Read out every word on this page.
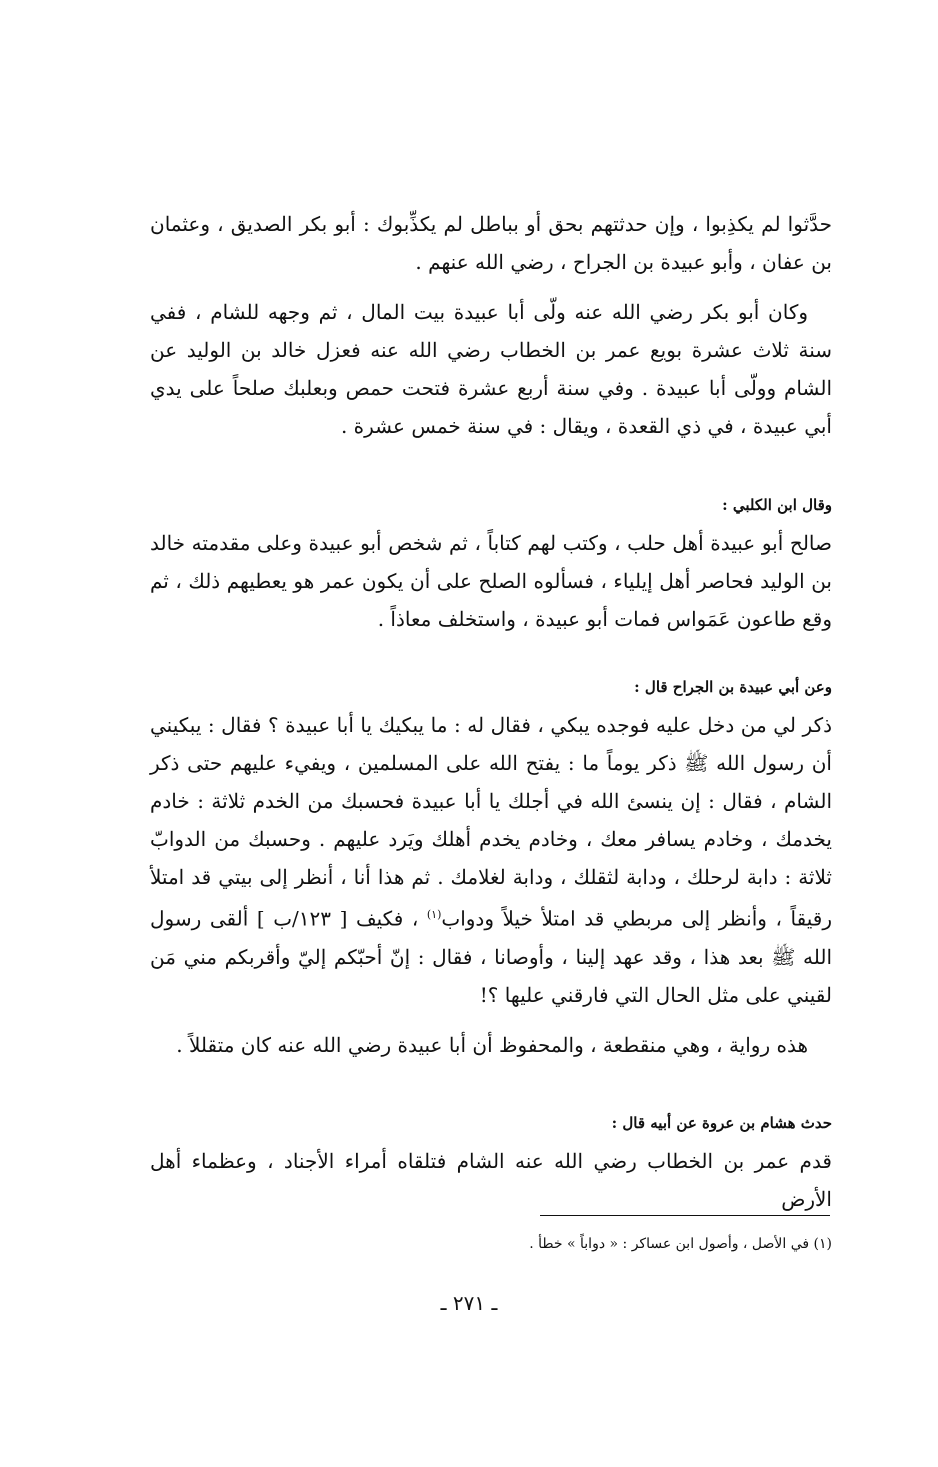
حدَّثوا لم يكذِبوا ، وإن حدثتهم بحق أو بباطل لم يكذِّبوك : أبو بكر الصديق ، وعثمان بن عفان ، وأبو عبيدة بن الجراح ، رضي الله عنهم .

وكان أبو بكر رضي الله عنه ولّى أبا عبيدة بيت المال ، ثم وجهه للشام ، ففي سنة ثلاث عشرة بويع عمر بن الخطاب رضي الله عنه فعزل خالد بن الوليد عن الشام وولّى أبا عبيدة . وفي سنة أربع عشرة فتحت حمص وبعلبك صلحاً على يدي أبي عبيدة ، في ذي القعدة ، ويقال : في سنة خمس عشرة .

وقال ابن الكلبي :

صالح أبو عبيدة أهل حلب ، وكتب لهم كتاباً ، ثم شخص أبو عبيدة وعلى مقدمته خالد بن الوليد فحاصر أهل إيلياء ، فسألوه الصلح على أن يكون عمر هو يعطيهم ذلك ، ثم وقع طاعون عَمَواس فمات أبو عبيدة ، واستخلف معاذاً .

وعن أبي عبيدة بن الجراح قال :

ذكر لي من دخل عليه فوجده يبكي ، فقال له : ما يبكيك يا أبا عبيدة ؟ فقال : يبكيني أن رسول الله ﷺ ذكر يوماً ما : يفتح الله على المسلمين ، ويفيء عليهم حتى ذكر الشام ، فقال : إن ينسئ الله في أجلك يا أبا عبيدة فحسبك من الخدم ثلاثة : خادم يخدمك ، وخادم يسافر معك ، وخادم يخدم أهلك ويَرد عليهم . وحسبك من الدوابّ ثلاثة : دابة لرحلك ، ودابة لثقلك ، ودابة لغلامك . ثم هذا أنا ، أنظر إلى بيتي قد امتلأ رقيقاً ، وأنظر إلى مربطي قد امتلأ خيلاً ودواب$^{(١)}$ ، فكيف [ ١٢٣/ب ] ألقى رسول الله ﷺ بعد هذا ، وقد عهد إلينا ، وأوصانا ، فقال : إنّ أحبّكم إليّ وأقربكم مني مَن لقيني على مثل الحال التي فارقني عليها ؟!

هذه رواية ، وهي منقطعة ، والمحفوظ أن أبا عبيدة رضي الله عنه كان متقللاً .

حدث هشام بن عروة عن أبيه قال :

قدم عمر بن الخطاب رضي الله عنه الشام فتلقاه أمراء الأجناد ، وعظماء أهل الأرض

(١) في الأصل ، وأصول ابن عساكر : « دواباً » خطأ .
ـ ٢٧١ ـ
